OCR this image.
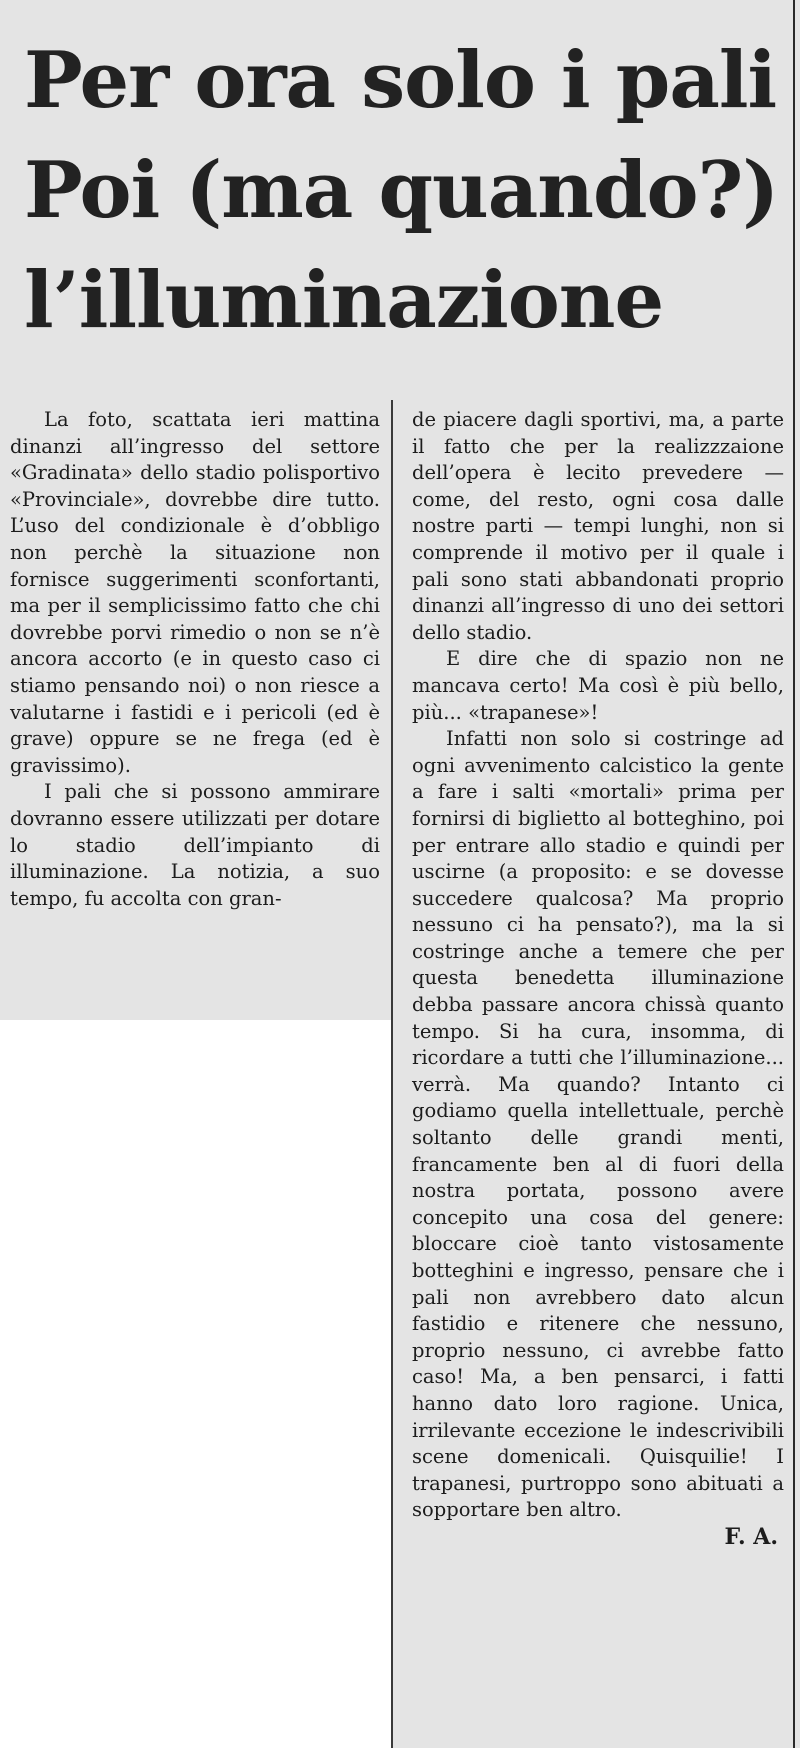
Per ora solo i pali
Poi (ma quando?)
l’illuminazione

La foto, scattata ieri mattina dinanzi all’ingresso del settore «Gradinata» dello stadio polisportivo «Provinciale», dovrebbe dire tutto. L’uso del condizionale è d’obbligo non perchè la situazione non fornisce suggerimenti sconfortanti, ma per il semplicissimo fatto che chi dovrebbe porvi rimedio o non se n’è ancora accorto (e in questo caso ci stiamo pensando noi) o non riesce a valutarne i fastidi e i pericoli (ed è grave) oppure se ne frega (ed è gravissimo).

I pali che si possono ammirare dovranno essere utilizzati per dotare lo stadio dell’impianto di illuminazione. La notizia, a suo tempo, fu accolta con gran-

de piacere dagli sportivi, ma, a parte il fatto che per la realizzzaione dell’opera è lecito prevedere — come, del resto, ogni cosa dalle nostre parti — tempi lunghi, non si comprende il motivo per il quale i pali sono stati abbandonati proprio dinanzi all’ingresso di uno dei settori dello stadio.

E dire che di spazio non ne mancava certo! Ma così è più bello, più... «trapanese»!

Infatti non solo si costringe ad ogni avvenimento calcistico la gente a fare i salti «mortali» prima per fornirsi di biglietto al botteghino, poi per entrare allo stadio e quindi per uscirne (a proposito: e se dovesse succedere qualcosa? Ma proprio nessuno ci ha pensato?), ma la si costringe anche a temere che per questa benedetta illuminazione debba passare ancora chissà quanto tempo. Si ha cura, insomma, di ricordare a tutti che l’illuminazione... verrà. Ma quando? Intanto ci godiamo quella intellettuale, perchè soltanto delle grandi menti, francamente ben al di fuori della nostra portata, possono avere concepito una cosa del genere: bloccare cioè tanto vistosamente botteghini e ingresso, pensare che i pali non avrebbero dato alcun fastidio e ritenere che nessuno, proprio nessuno, ci avrebbe fatto caso! Ma, a ben pensarci, i fatti hanno dato loro ragione. Unica, irrilevante eccezione le indescrivibili scene domenicali. Quisquilie! I trapanesi, purtroppo sono abituati a sopportare ben altro.

F. A.
